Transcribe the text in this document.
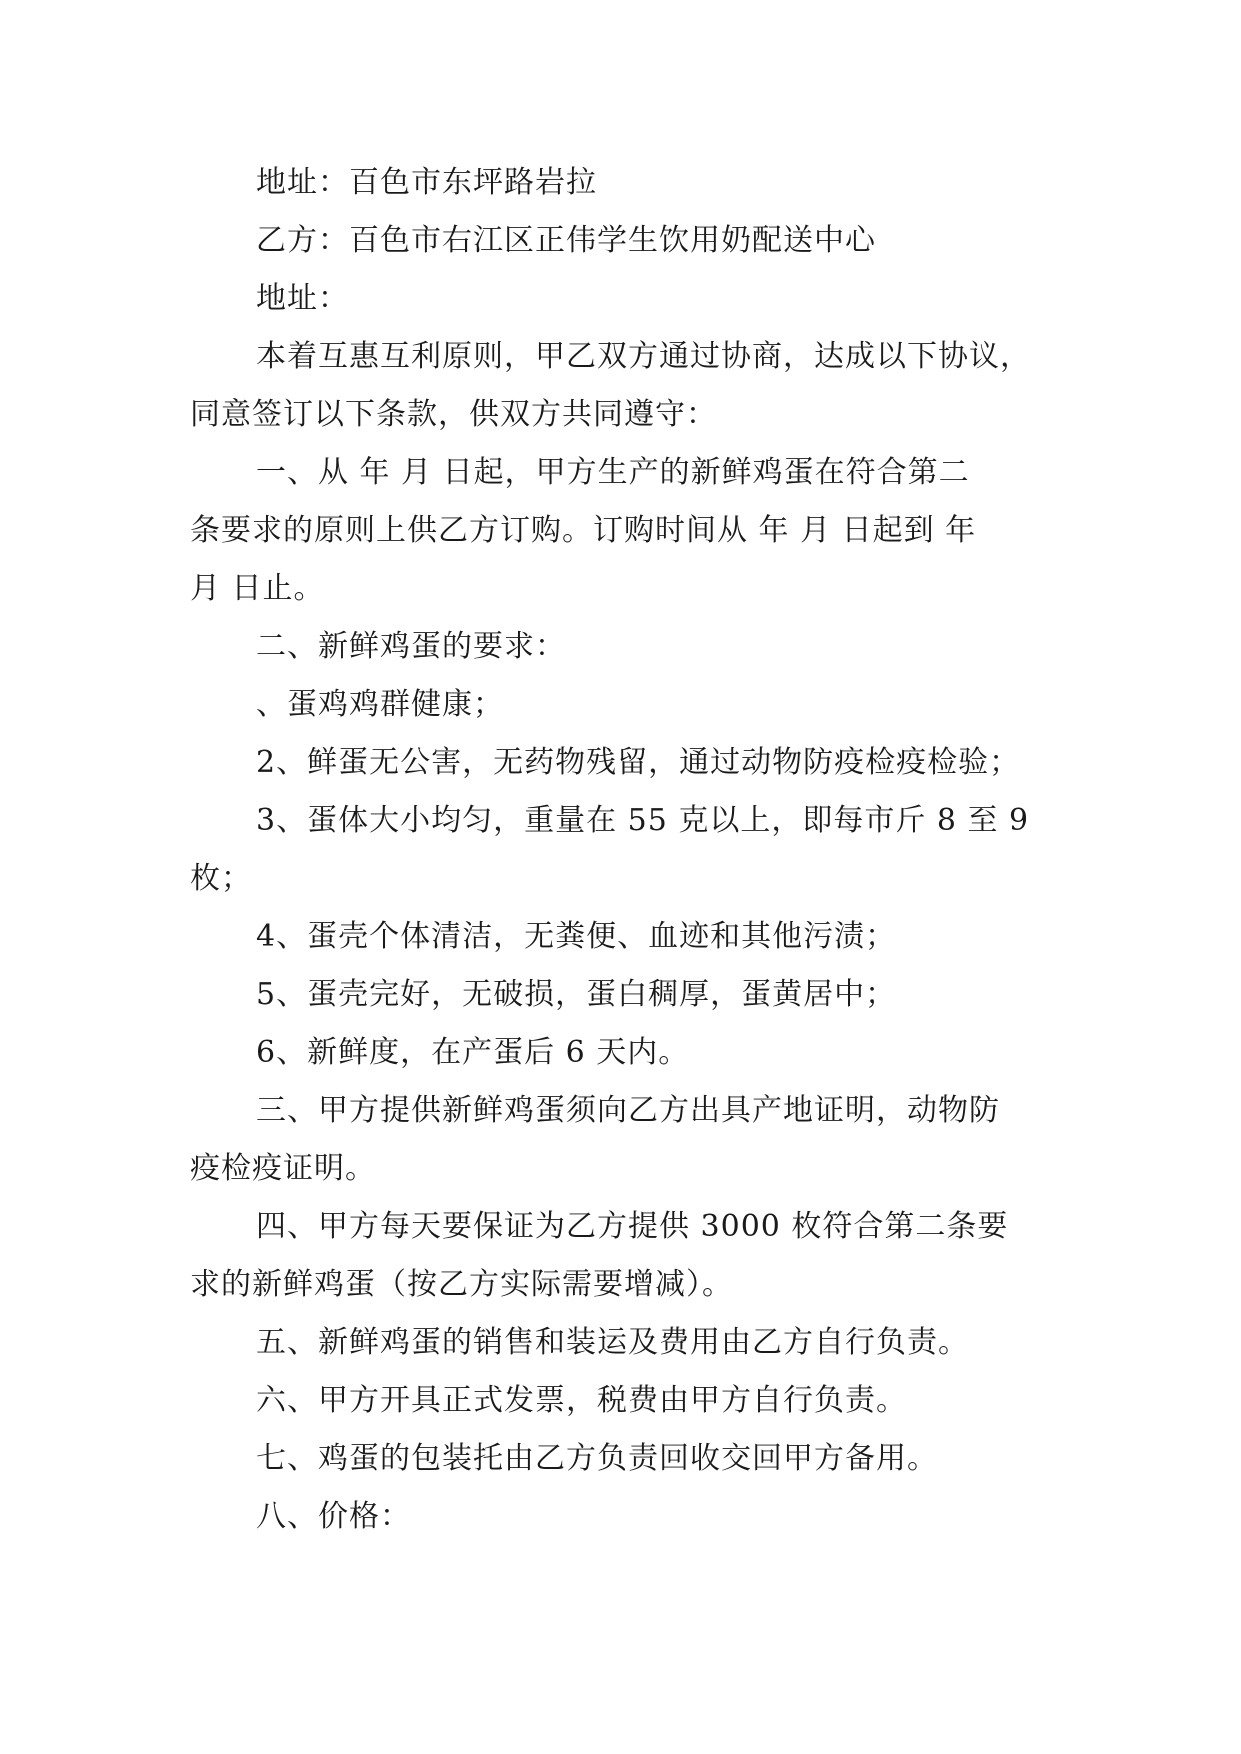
地址：百色市东坪路岩拉
乙方：百色市右江区正伟学生饮用奶配送中心
地址：
本着互惠互利原则，甲乙双方通过协商，达成以下协议，
同意签订以下条款，供双方共同遵守：
一、从 年 月 日起，甲方生产的新鲜鸡蛋在符合第二
条要求的原则上供乙方订购。订购时间从 年 月 日起到 年
月 日止。
二、新鲜鸡蛋的要求：
、蛋鸡鸡群健康；
2、鲜蛋无公害，无药物残留，通过动物防疫检疫检验；
3、蛋体大小均匀，重量在 55 克以上，即每市斤 8 至 9
枚；
4、蛋壳个体清洁，无粪便、血迹和其他污渍；
5、蛋壳完好，无破损，蛋白稠厚，蛋黄居中；
6、新鲜度，在产蛋后 6 天内。
三、甲方提供新鲜鸡蛋须向乙方出具产地证明，动物防
疫检疫证明。
四、甲方每天要保证为乙方提供 3000 枚符合第二条要
求的新鲜鸡蛋（按乙方实际需要增减）。
五、新鲜鸡蛋的销售和装运及费用由乙方自行负责。
六、甲方开具正式发票，税费由甲方自行负责。
七、鸡蛋的包装托由乙方负责回收交回甲方备用。
八、价格：
